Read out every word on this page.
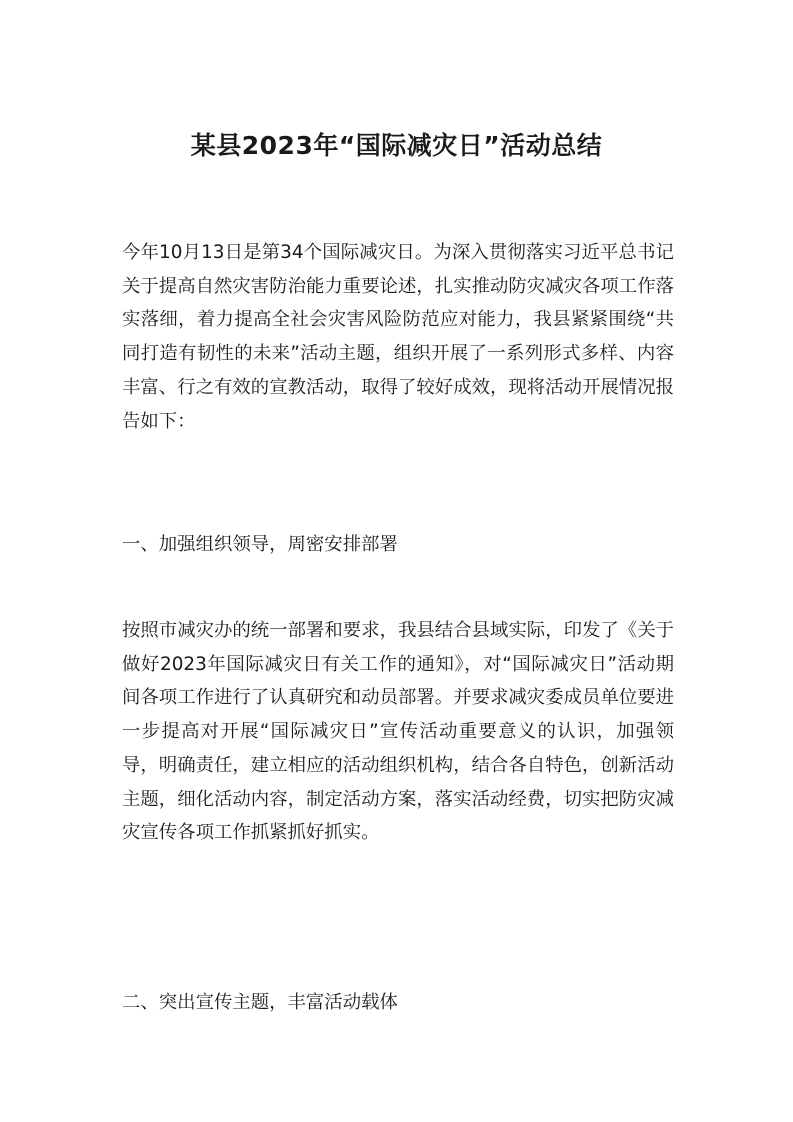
某县2023年“国际减灾日”活动总结

今年10月13日是第34个国际减灾日。为深入贯彻落实习近平总书记关于提高自然灾害防治能力重要论述，扎实推动防灾减灾各项工作落实落细，着力提高全社会灾害风险防范应对能力，我县紧紧围绕“共同打造有韧性的未来”活动主题，组织开展了一系列形式多样、内容丰富、行之有效的宣教活动，取得了较好成效，现将活动开展情况报告如下：

一、加强组织领导，周密安排部署

按照市减灾办的统一部署和要求，我县结合县域实际，印发了《关于做好2023年国际减灾日有关工作的通知》，对“国际减灾日”活动期间各项工作进行了认真研究和动员部署。并要求减灾委成员单位要进一步提高对开展“国际减灾日”宣传活动重要意义的认识，加强领导，明确责任，建立相应的活动组织机构，结合各自特色，创新活动主题，细化活动内容，制定活动方案，落实活动经费，切实把防灾减灾宣传各项工作抓紧抓好抓实。

二、突出宣传主题，丰富活动载体
